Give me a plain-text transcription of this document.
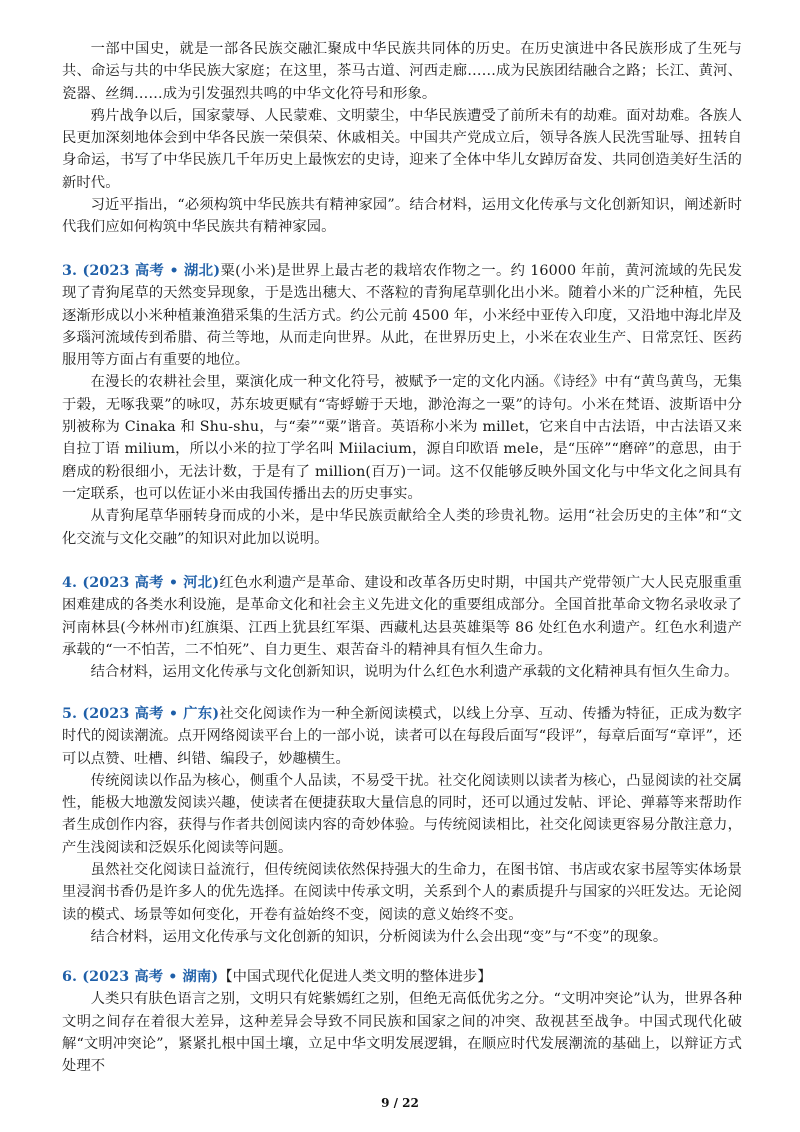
一部中国史，就是一部各民族交融汇聚成中华民族共同体的历史。在历史演进中各民族形成了生死与共、命运与共的中华民族大家庭；在这里，茶马古道、河西走廊……成为民族团结融合之路；长江、黄河、瓷器、丝绸……成为引发强烈共鸣的中华文化符号和形象。

鸦片战争以后，国家蒙辱、人民蒙难、文明蒙尘，中华民族遭受了前所未有的劫难。面对劫难。各族人民更加深刻地体会到中华各民族一荣俱荣、休戚相关。中国共产党成立后，领导各族人民洗雪耻辱、扭转自身命运，书写了中华民族几千年历史上最恢宏的史诗，迎来了全体中华儿女踔厉奋发、共同创造美好生活的新时代。

习近平指出，“必须构筑中华民族共有精神家园”。结合材料，运用文化传承与文化创新知识，阐述新时代我们应如何构筑中华民族共有精神家园。

3. (2023 高考 • 湖北)粟(小米)是世界上最古老的栽培农作物之一。约 16000 年前，黄河流域的先民发现了青狗尾草的天然变异现象，于是选出穗大、不落粒的青狗尾草驯化出小米。随着小米的广泛种植，先民逐渐形成以小米种植兼渔猎采集的生活方式。约公元前 4500 年，小米经中亚传入印度，又沿地中海北岸及多瑙河流域传到希腊、荷兰等地，从而走向世界。从此，在世界历史上，小米在农业生产、日常烹饪、医药服用等方面占有重要的地位。

在漫长的农耕社会里，粟演化成一种文化符号，被赋予一定的文化内涵。《诗经》中有“黄鸟黄鸟，无集于榖，无啄我粟”的咏叹，苏东坡更赋有“寄蜉蝣于天地，渺沧海之一粟”的诗句。小米在梵语、波斯语中分别被称为 Cinaka 和 Shu-shu，与“秦”“粟”谐音。英语称小米为 millet，它来自中古法语，中古法语又来自拉丁语 milium，所以小米的拉丁学名叫 Miilacium，源自印欧语 mele，是“压碎”“磨碎”的意思，由于磨成的粉很细小，无法计数，于是有了 million(百万)一词。这不仅能够反映外国文化与中华文化之间具有一定联系，也可以佐证小米由我国传播出去的历史事实。

从青狗尾草华丽转身而成的小米，是中华民族贡献给全人类的珍贵礼物。运用“社会历史的主体”和“文化交流与文化交融”的知识对此加以说明。

4. (2023 高考 • 河北)红色水利遗产是革命、建设和改革各历史时期，中国共产党带领广大人民克服重重困难建成的各类水利设施，是革命文化和社会主义先进文化的重要组成部分。全国首批革命文物名录收录了河南林县(今林州市)红旗渠、江西上犹县红军渠、西藏札达县英雄渠等 86 处红色水利遗产。红色水利遗产承载的“一不怕苦，二不怕死”、自力更生、艰苦奋斗的精神具有恒久生命力。

结合材料，运用文化传承与文化创新知识，说明为什么红色水利遗产承载的文化精神具有恒久生命力。

5. (2023 高考 • 广东)社交化阅读作为一种全新阅读模式，以线上分享、互动、传播为特征，正成为数字时代的阅读潮流。点开网络阅读平台上的一部小说，读者可以在每段后面写“段评”，每章后面写“章评”，还可以点赞、吐槽、纠错、编段子，妙趣横生。

传统阅读以作品为核心，侧重个人品读，不易受干扰。社交化阅读则以读者为核心，凸显阅读的社交属性，能极大地激发阅读兴趣，使读者在便捷获取大量信息的同时，还可以通过发帖、评论、弹幕等来帮助作者生成创作内容，获得与作者共创阅读内容的奇妙体验。与传统阅读相比，社交化阅读更容易分散注意力，产生浅阅读和泛娱乐化阅读等问题。

虽然社交化阅读日益流行，但传统阅读依然保持强大的生命力，在图书馆、书店或农家书屋等实体场景里浸润书香仍是许多人的优先选择。在阅读中传承文明，关系到个人的素质提升与国家的兴旺发达。无论阅读的模式、场景等如何变化，开卷有益始终不变，阅读的意义始终不变。

结合材料，运用文化传承与文化创新的知识，分析阅读为什么会出现“变”与“不变”的现象。

6. (2023 高考 • 湖南)【中国式现代化促进人类文明的整体进步】

人类只有肤色语言之别，文明只有姹紫嫣红之别，但绝无高低优劣之分。“文明冲突论”认为，世界各种文明之间存在着很大差异，这种差异会导致不同民族和国家之间的冲突、敌视甚至战争。中国式现代化破解“文明冲突论”，紧紧扎根中国土壤，立足中华文明发展逻辑，在顺应时代发展潮流的基础上，以辩证方式处理不

9 / 22
